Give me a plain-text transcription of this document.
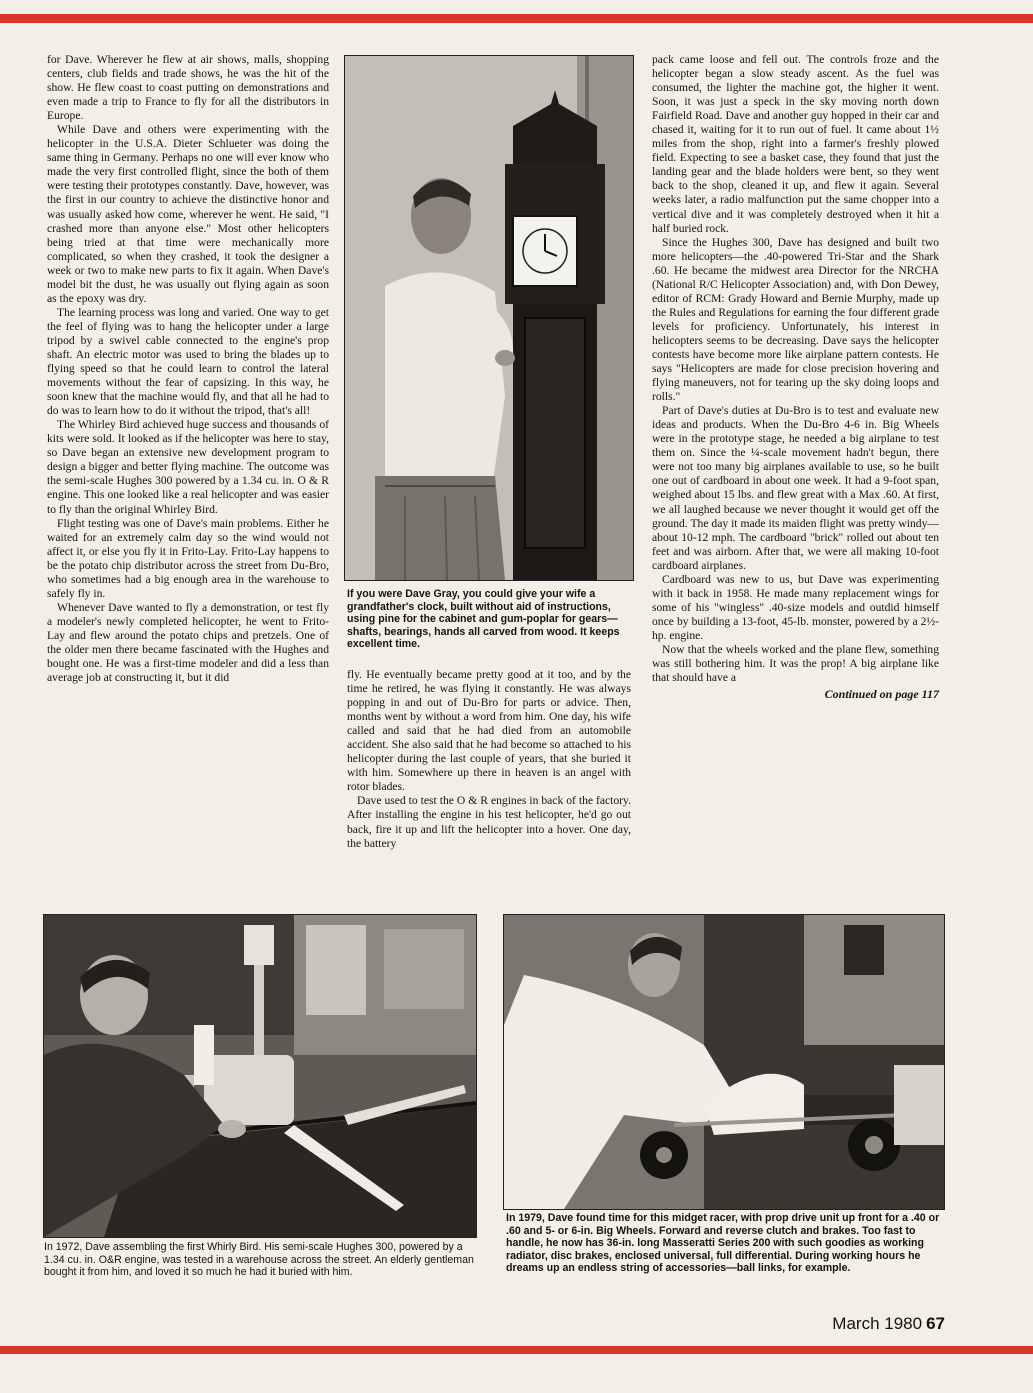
for Dave. Wherever he flew at air shows, malls, shopping centers, club fields and trade shows, he was the hit of the show. He flew coast to coast putting on demonstrations and even made a trip to France to fly for all the distributors in Europe.

While Dave and others were experimenting with the helicopter in the U.S.A. Dieter Schlueter was doing the same thing in Germany. Perhaps no one will ever know who made the very first controlled flight, since the both of them were testing their prototypes constantly. Dave, however, was the first in our country to achieve the distinctive honor and was usually asked how come, wherever he went. He said, "I crashed more than anyone else." Most other helicopters being tried at that time were mechanically more complicated, so when they crashed, it took the designer a week or two to make new parts to fix it again. When Dave's model bit the dust, he was usually out flying again as soon as the epoxy was dry.

The learning process was long and varied. One way to get the feel of flying was to hang the helicopter under a large tripod by a swivel cable connected to the engine's prop shaft. An electric motor was used to bring the blades up to flying speed so that he could learn to control the lateral movements without the fear of capsizing. In this way, he soon knew that the machine would fly, and that all he had to do was to learn how to do it without the tripod, that's all!

The Whirley Bird achieved huge success and thousands of kits were sold. It looked as if the helicopter was here to stay, so Dave began an extensive new development program to design a bigger and better flying machine. The outcome was the semi-scale Hughes 300 powered by a 1.34 cu. in. O & R engine. This one looked like a real helicopter and was easier to fly than the original Whirley Bird.

Flight testing was one of Dave's main problems. Either he waited for an extremely calm day so the wind would not affect it, or else you fly it in Frito-Lay. Frito-Lay happens to be the potato chip distributor across the street from Du-Bro, who sometimes had a big enough area in the warehouse to safely fly in.

Whenever Dave wanted to fly a demonstration, or test fly a modeler's newly completed helicopter, he went to Frito-Lay and flew around the potato chips and pretzels. One of the older men there became fascinated with the Hughes and bought one. He was a first-time modeler and did a less than average job at constructing it, but it did

If you were Dave Gray, you could give your wife a grandfather's clock, built without aid of instructions, using pine for the cabinet and gum-poplar for gears—shafts, bearings, hands all carved from wood. It keeps excellent time.

fly. He eventually became pretty good at it too, and by the time he retired, he was flying it constantly. He was always popping in and out of Du-Bro for parts or advice. Then, months went by without a word from him. One day, his wife called and said that he had died from an automobile accident. She also said that he had become so attached to his helicopter during the last couple of years, that she buried it with him. Somewhere up there in heaven is an angel with rotor blades.

Dave used to test the O & R engines in back of the factory. After installing the engine in his test helicopter, he'd go out back, fire it up and lift the helicopter into a hover. One day, the battery

pack came loose and fell out. The controls froze and the helicopter began a slow steady ascent. As the fuel was consumed, the lighter the machine got, the higher it went. Soon, it was just a speck in the sky moving north down Fairfield Road. Dave and another guy hopped in their car and chased it, waiting for it to run out of fuel. It came about 1½ miles from the shop, right into a farmer's freshly plowed field. Expecting to see a basket case, they found that just the landing gear and the blade holders were bent, so they went back to the shop, cleaned it up, and flew it again. Several weeks later, a radio malfunction put the same chopper into a vertical dive and it was completely destroyed when it hit a half buried rock.

Since the Hughes 300, Dave has designed and built two more helicopters—the .40-powered Tri-Star and the Shark .60. He became the midwest area Director for the NRCHA (National R/C Helicopter Association) and, with Don Dewey, editor of RCM: Grady Howard and Bernie Murphy, made up the Rules and Regulations for earning the four different grade levels for proficiency. Unfortunately, his interest in helicopters seems to be decreasing. Dave says the helicopter contests have become more like airplane pattern contests. He says "Helicopters are made for close precision hovering and flying maneuvers, not for tearing up the sky doing loops and rolls."

Part of Dave's duties at Du-Bro is to test and evaluate new ideas and products. When the Du-Bro 4-6 in. Big Wheels were in the prototype stage, he needed a big airplane to test them on. Since the ¼-scale movement hadn't begun, there were not too many big airplanes available to use, so he built one out of cardboard in about one week. It had a 9-foot span, weighed about 15 lbs. and flew great with a Max .60. At first, we all laughed because we never thought it would get off the ground. The day it made its maiden flight was pretty windy—about 10-12 mph. The cardboard "brick" rolled out about ten feet and was airborn. After that, we were all making 10-foot cardboard airplanes.

Cardboard was new to us, but Dave was experimenting with it back in 1958. He made many replacement wings for some of his "wingless" .40-size models and outdid himself once by building a 13-foot, 45-lb. monster, powered by a 2½-hp. engine.

Now that the wheels worked and the plane flew, something was still bothering him. It was the prop! A big airplane like that should have a

Continued on page 117
In 1972, Dave assembling the first Whirly Bird. His semi-scale Hughes 300, powered by a 1.34 cu. in. O&R engine, was tested in a warehouse across the street. An elderly gentleman bought it from him, and loved it so much he had it buried with him.
In 1979, Dave found time for this midget racer, with prop drive unit up front for a .40 or .60 and 5- or 6-in. Big Wheels. Forward and reverse clutch and brakes. Too fast to handle, he now has 36-in. long Masseratti Series 200 with such goodies as working radiator, disc brakes, enclosed universal, full differential. During working hours he dreams up an endless string of accessories—ball links, for example.
March 1980 67
